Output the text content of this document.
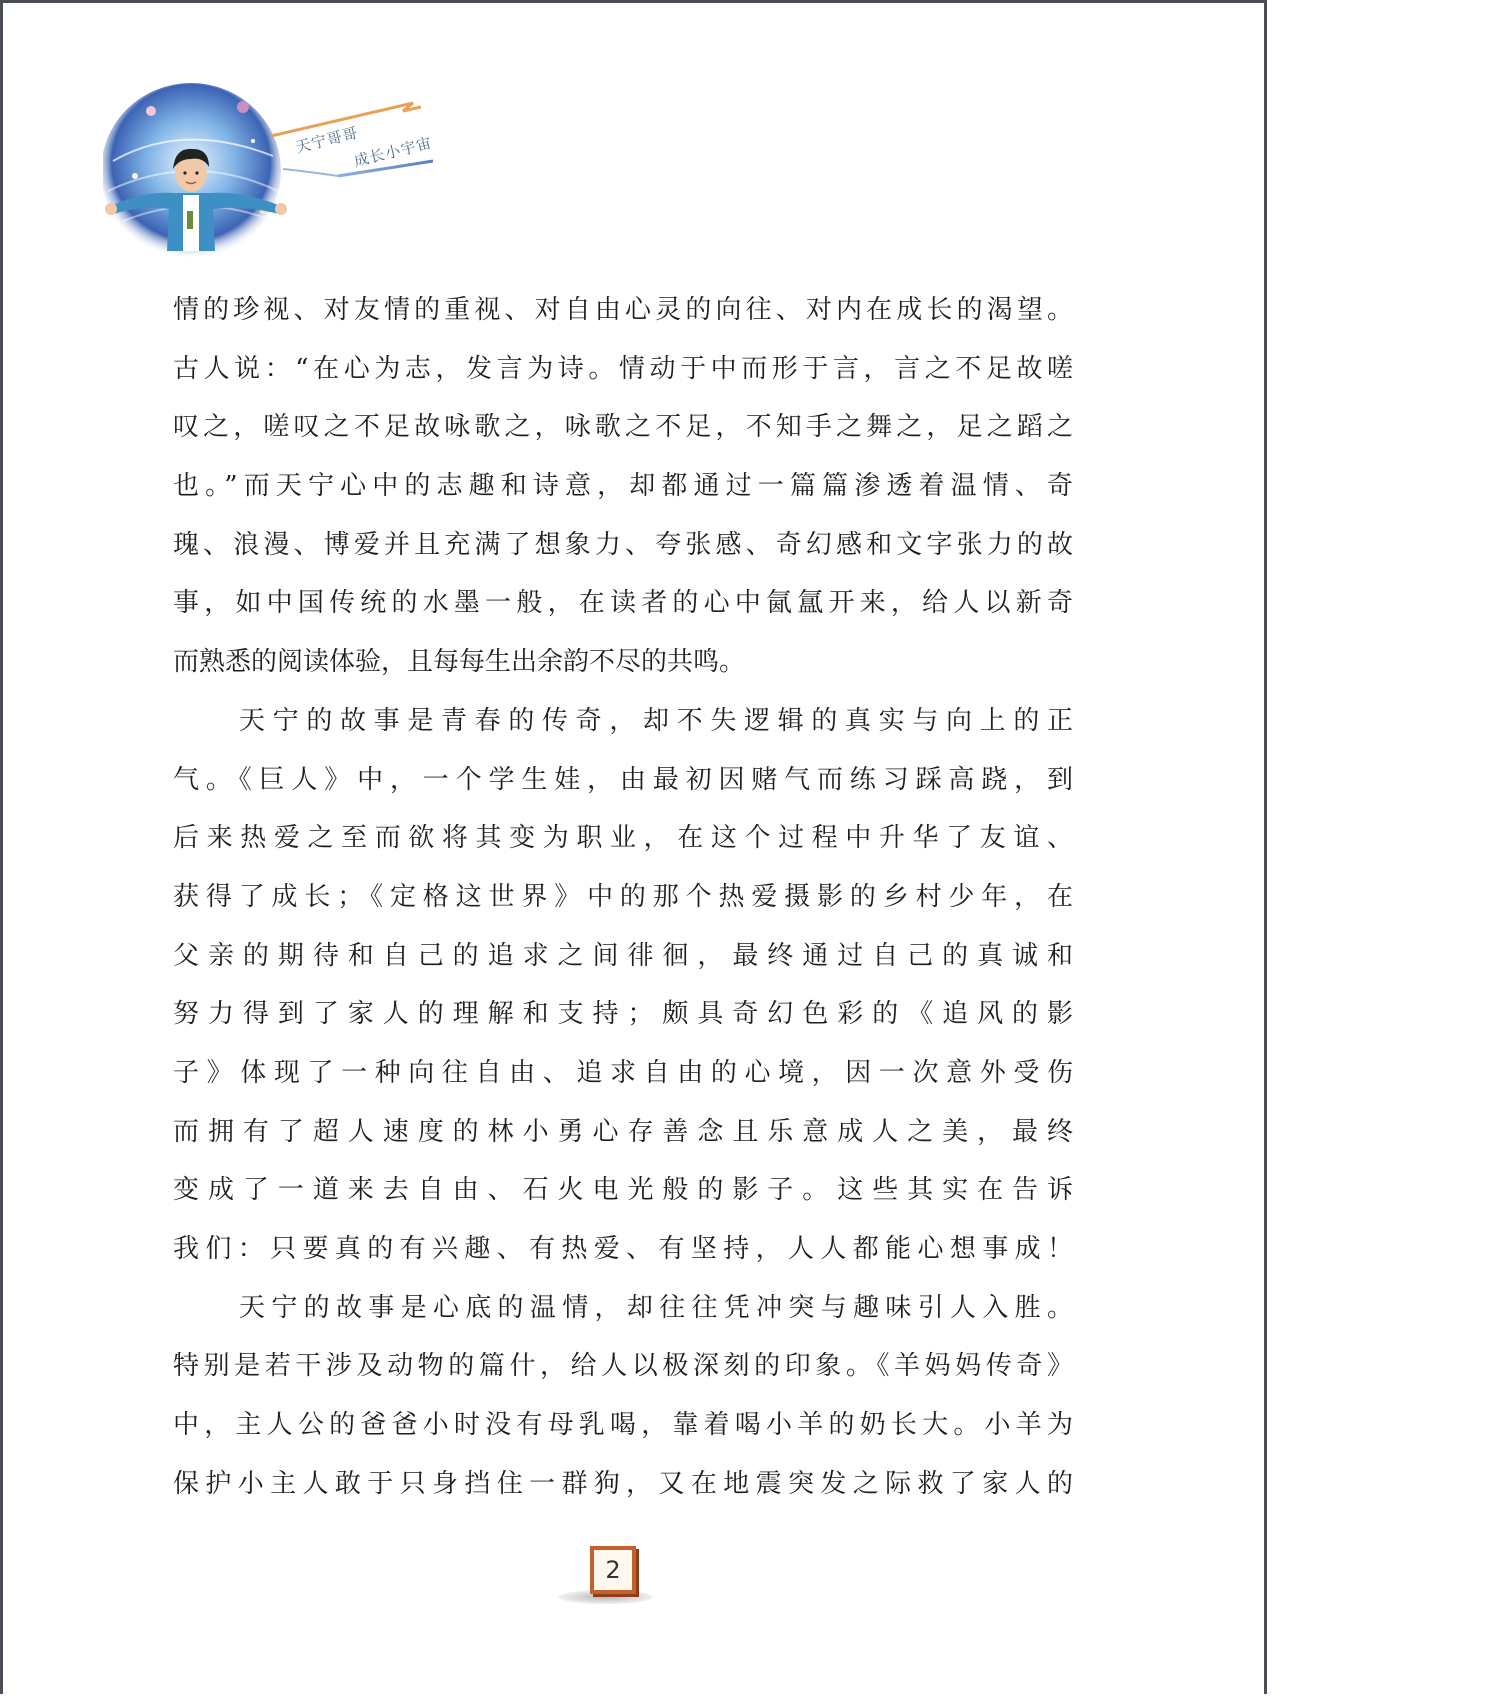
天宁哥哥
成长小宇宙
情的珍视、对友情的重视、对自由心灵的向往、对内在成长的渴望。
古人说：“在心为志，发言为诗。情动于中而形于言，言之不足故嗟
叹之，嗟叹之不足故咏歌之，咏歌之不足，不知手之舞之，足之蹈之
也。”而天宁心中的志趣和诗意，却都通过一篇篇渗透着温情、奇
瑰、浪漫、博爱并且充满了想象力、夸张感、奇幻感和文字张力的故
事，如中国传统的水墨一般，在读者的心中氤氲开来，给人以新奇
而熟悉的阅读体验，且每每生出余韵不尽的共鸣。
天宁的故事是青春的传奇，却不失逻辑的真实与向上的正
气。《巨人》中，一个学生娃，由最初因赌气而练习踩高跷，到
后来热爱之至而欲将其变为职业，在这个过程中升华了友谊、
获得了成长；《定格这世界》中的那个热爱摄影的乡村少年，在
父亲的期待和自己的追求之间徘徊，最终通过自己的真诚和
努力得到了家人的理解和支持；颇具奇幻色彩的《追风的影
子》体现了一种向往自由、追求自由的心境，因一次意外受伤
而拥有了超人速度的林小勇心存善念且乐意成人之美，最终
变成了一道来去自由、石火电光般的影子。这些其实在告诉
我们：只要真的有兴趣、有热爱、有坚持，人人都能心想事成！
天宁的故事是心底的温情，却往往凭冲突与趣味引人入胜。
特别是若干涉及动物的篇什，给人以极深刻的印象。《羊妈妈传奇》
中，主人公的爸爸小时没有母乳喝，靠着喝小羊的奶长大。小羊为
保护小主人敢于只身挡住一群狗，又在地震突发之际救了家人的
2
